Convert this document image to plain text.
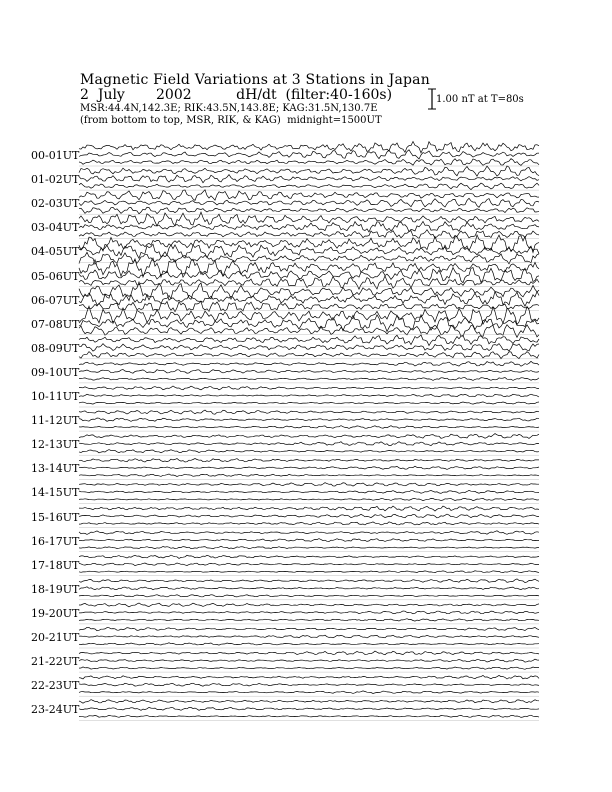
Magnetic Field Variations at 3 Stations in Japan
2 July 2002	dH/dt (filter:40-160s)
MSR:44.4N,142.3E; RIK:43.5N,143.8E; KAG:31.5N,130.7E
(from bottom to top, MSR, RIK, & KAG) midnight=1500UT
1.00 nT at T=80s
00-01UT
01-02UT
02-03UT
03-04UT
04-05UT
05-06UT
06-07UT
07-08UT
08-09UT
09-10UT
10-11UT
11-12UT
12-13UT
13-14UT
14-15UT
15-16UT
16-17UT
17-18UT
18-19UT
19-20UT
20-21UT
21-22UT
22-23UT
23-24UT
